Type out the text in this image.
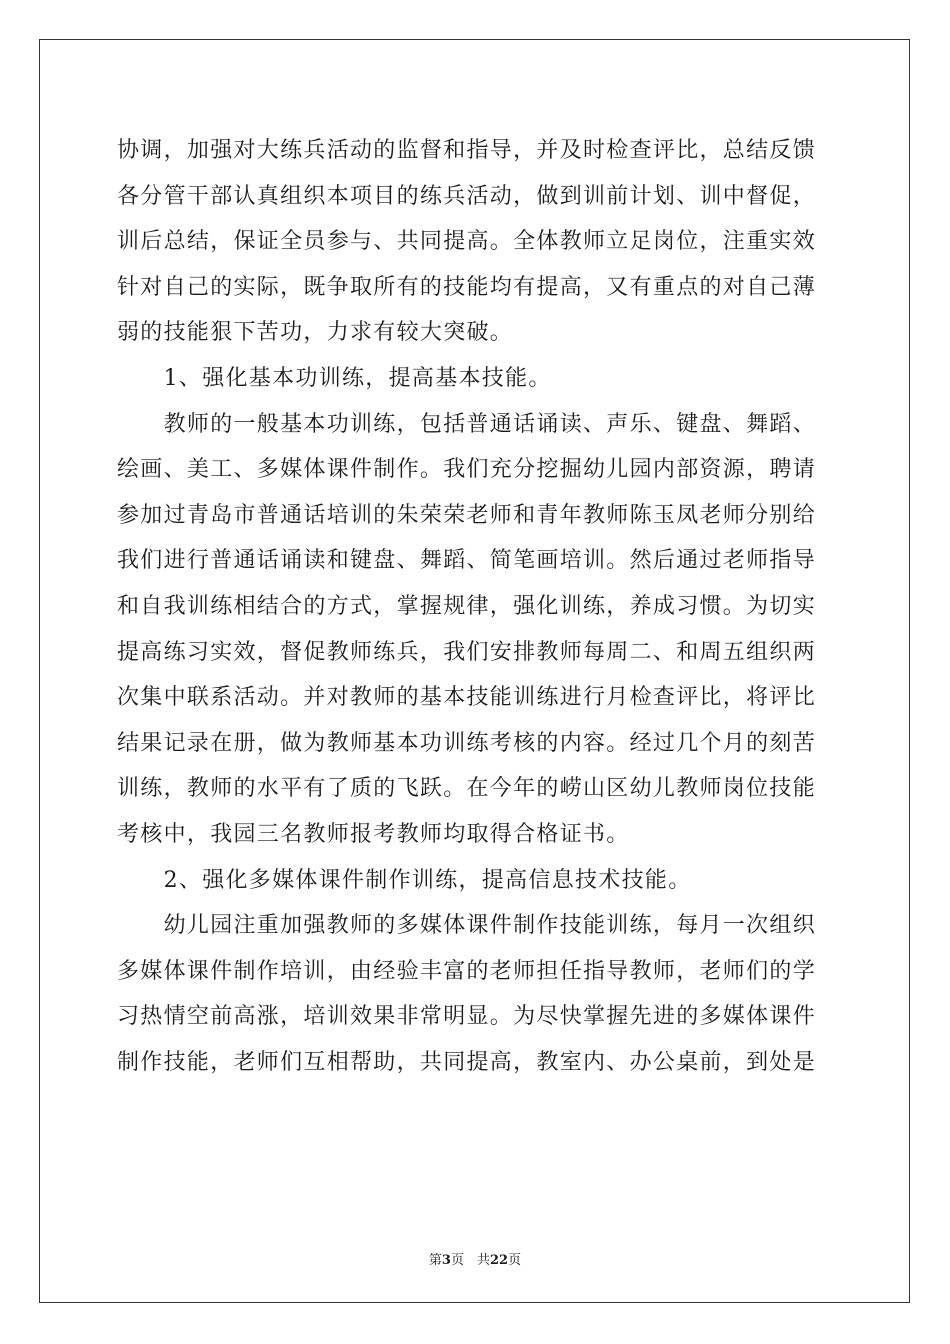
协调，加强对大练兵活动的监督和指导，并及时检查评比，总结反馈
各分管干部认真组织本项目的练兵活动，做到训前计划、训中督促，
训后总结，保证全员参与、共同提高。全体教师立足岗位，注重实效
针对自己的实际，既争取所有的技能均有提高，又有重点的对自己薄
弱的技能狠下苦功，力求有较大突破。
　　1、强化基本功训练，提高基本技能。
　　教师的一般基本功训练，包括普通话诵读、声乐、键盘、舞蹈、
绘画、美工、多媒体课件制作。我们充分挖掘幼儿园内部资源，聘请
参加过青岛市普通话培训的朱荣荣老师和青年教师陈玉凤老师分别给
我们进行普通话诵读和键盘、舞蹈、简笔画培训。然后通过老师指导
和自我训练相结合的方式，掌握规律，强化训练，养成习惯。为切实
提高练习实效，督促教师练兵，我们安排教师每周二、和周五组织两
次集中联系活动。并对教师的基本技能训练进行月检查评比，将评比
结果记录在册，做为教师基本功训练考核的内容。经过几个月的刻苦
训练，教师的水平有了质的飞跃。在今年的崂山区幼儿教师岗位技能
考核中，我园三名教师报考教师均取得合格证书。
　　2、强化多媒体课件制作训练，提高信息技术技能。
　　幼儿园注重加强教师的多媒体课件制作技能训练，每月一次组织
多媒体课件制作培训，由经验丰富的老师担任指导教师，老师们的学
习热情空前高涨，培训效果非常明显。为尽快掌握先进的多媒体课件
制作技能，老师们互相帮助，共同提高，教室内、办公桌前，到处是
第3页　共22页
